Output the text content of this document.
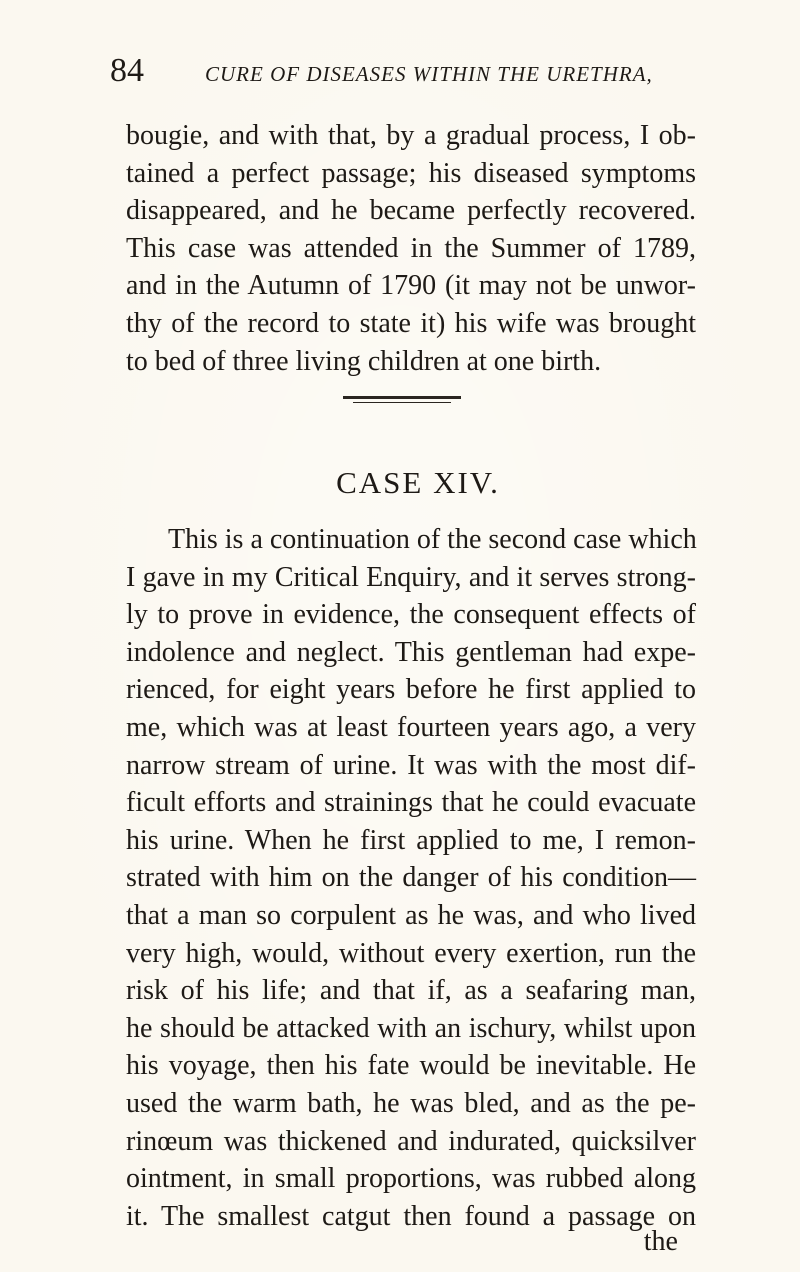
84	CURE OF DISEASES WITHIN THE URETHRA,
bougie, and with that, by a gradual process, I ob-
tained a perfect passage; his diseased symptoms
disappeared, and he became perfectly recovered.
This case was attended in the Summer of 1789,
and in the Autumn of 1790 (it may not be unwor-
thy of the record to state it) his wife was brought
to bed of three living children at one birth.
CASE XIV.
This is a continuation of the second case which
I gave in my Critical Enquiry, and it serves strong-
ly to prove in evidence, the consequent effects of
indolence and neglect. This gentleman had expe-
rienced, for eight years before he first applied to
me, which was at least fourteen years ago, a very
narrow stream of urine. It was with the most dif-
ficult efforts and strainings that he could evacuate
his urine. When he first applied to me, I remon-
strated with him on the danger of his condition—
that a man so corpulent as he was, and who lived
very high, would, without every exertion, run the
risk of his life; and that if, as a seafaring man,
he should be attacked with an ischury, whilst upon
his voyage, then his fate would be inevitable. He
used the warm bath, he was bled, and as the pe-
rinœum was thickened and indurated, quicksilver
ointment, in small proportions, was rubbed along
it. The smallest catgut then found a passage on
the
